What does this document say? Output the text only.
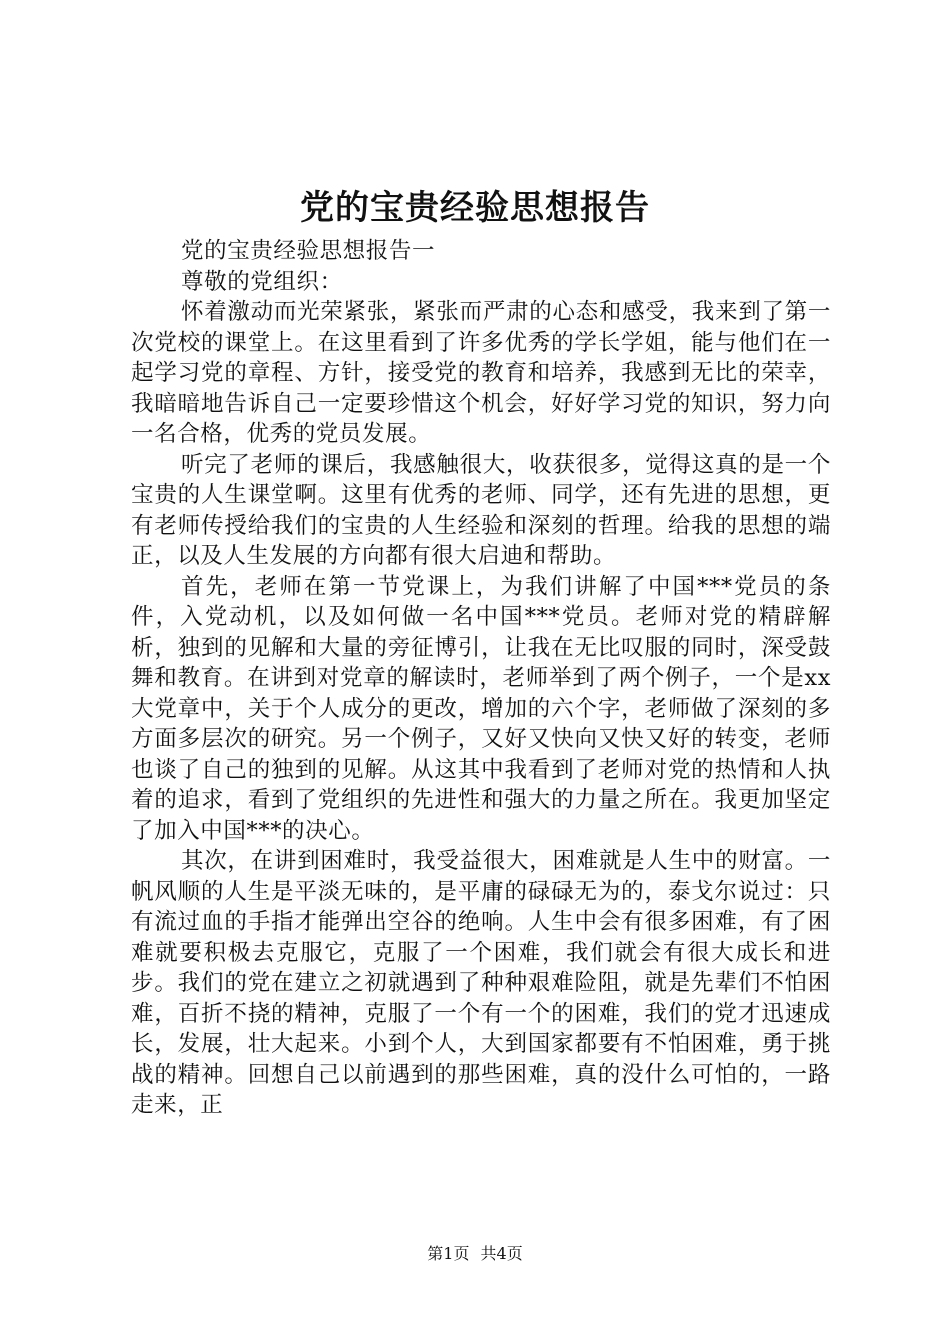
党的宝贵经验思想报告

党的宝贵经验思想报告一

尊敬的党组织：

怀着激动而光荣紧张，紧张而严肃的心态和感受，我来到了第一次党校的课堂上。在这里看到了许多优秀的学长学姐，能与他们在一起学习党的章程、方针，接受党的教育和培养，我感到无比的荣幸，我暗暗地告诉自己一定要珍惜这个机会，好好学习党的知识，努力向一名合格，优秀的党员发展。

听完了老师的课后，我感触很大，收获很多，觉得这真的是一个宝贵的人生课堂啊。这里有优秀的老师、同学，还有先进的思想，更有老师传授给我们的宝贵的人生经验和深刻的哲理。给我的思想的端正，以及人生发展的方向都有很大启迪和帮助。

首先，老师在第一节党课上，为我们讲解了中国***党员的条件，入党动机，以及如何做一名中国***党员。老师对党的精辟解析，独到的见解和大量的旁征博引，让我在无比叹服的同时，深受鼓舞和教育。在讲到对党章的解读时，老师举到了两个例子，一个是xx大党章中，关于个人成分的更改，增加的六个字，老师做了深刻的多方面多层次的研究。另一个例子，又好又快向又快又好的转变，老师也谈了自己的独到的见解。从这其中我看到了老师对党的热情和人执着的追求，看到了党组织的先进性和强大的力量之所在。我更加坚定了加入中国***的决心。

其次，在讲到困难时，我受益很大，困难就是人生中的财富。一帆风顺的人生是平淡无味的，是平庸的碌碌无为的，泰戈尔说过：只有流过血的手指才能弹出空谷的绝响。人生中会有很多困难，有了困难就要积极去克服它，克服了一个困难，我们就会有很大成长和进步。我们的党在建立之初就遇到了种种艰难险阻，就是先辈们不怕困难，百折不挠的精神，克服了一个有一个的困难，我们的党才迅速成长，发展，壮大起来。小到个人，大到国家都要有不怕困难，勇于挑战的精神。回想自己以前遇到的那些困难，真的没什么可怕的，一路走来，正

第1页 共4页
